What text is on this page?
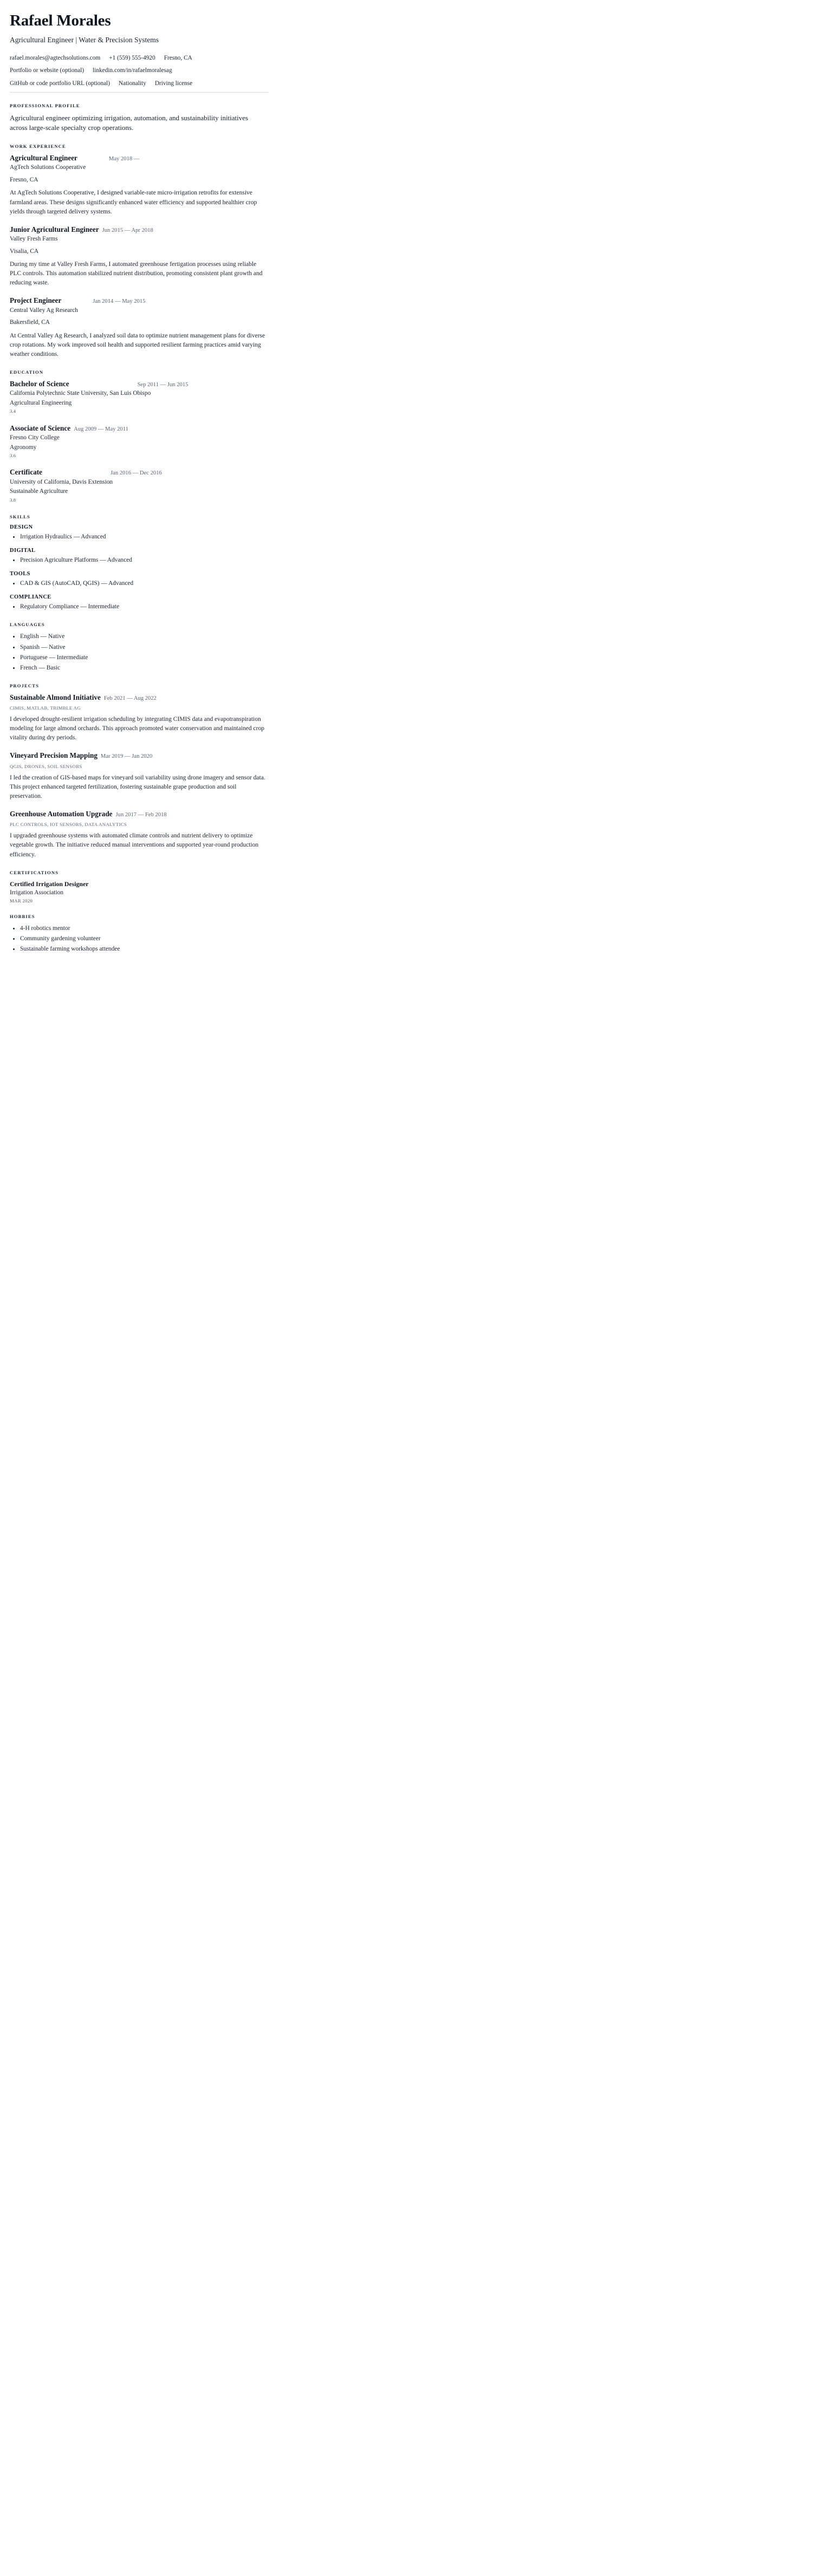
Rafael Morales
Agricultural Engineer | Water & Precision Systems
rafael.morales@agtechsolutions.com +1 (559) 555-4920 Fresno, CA
Portfolio or website (optional) linkedin.com/in/rafaelmoralesag
GitHub or code portfolio URL (optional) Nationality Driving license
PROFESSIONAL PROFILE

Agricultural engineer optimizing irrigation, automation, and sustainability initiatives across large-scale specialty crop operations.

WORK EXPERIENCE
Agricultural Engineer	May 2018 —
AgTech Solutions Cooperative
Fresno, CA

At AgTech Solutions Cooperative, I designed variable-rate micro-irrigation retrofits for extensive farmland areas. These designs significantly enhanced water efficiency and supported healthier crop yields through targeted delivery systems.

Junior Agricultural Engineer Jun 2015 — Apr 2018
Valley Fresh Farms
Visalia, CA

During my time at Valley Fresh Farms, I automated greenhouse fertigation processes using reliable PLC controls. This automation stabilized nutrient distribution, promoting consistent plant growth and reducing waste.

Project Engineer	Jan 2014 — May 2015
Central Valley Ag Research
Bakersfield, CA

At Central Valley Ag Research, I analyzed soil data to optimize nutrient management plans for diverse crop rotations. My work improved soil health and supported resilient farming practices amid varying weather conditions.

EDUCATION
Bachelor of Science	Sep 2011 — Jun 2015
California Polytechnic State University, San Luis Obispo
Agricultural Engineering
3.4
Associate of Science Aug 2009 — May 2011
Fresno City College
Agronomy
3.6
Certificate	Jan 2016 — Dec 2016
University of California, Davis Extension
Sustainable Agriculture
3.8
SKILLS
DESIGN
Irrigation Hydraulics — Advanced
DIGITAL
Precision Agriculture Platforms — Advanced
TOOLS
CAD & GIS (AutoCAD, QGIS) — Advanced
COMPLIANCE
Regulatory Compliance — Intermediate
LANGUAGES
English — Native
Spanish — Native
Portuguese — Intermediate
French — Basic
PROJECTS
Sustainable Almond Initiative Feb 2021 — Aug 2022
CIMIS, MATLAB, TRIMBLE AG

I developed drought-resilient irrigation scheduling by integrating CIMIS data and evapotranspiration modeling for large almond orchards. This approach promoted water conservation and maintained crop vitality during dry periods.

Vineyard Precision Mapping Mar 2019 — Jan 2020
QGIS, DRONES, SOIL SENSORS

I led the creation of GIS-based maps for vineyard soil variability using drone imagery and sensor data. This project enhanced targeted fertilization, fostering sustainable grape production and soil preservation.

Greenhouse Automation Upgrade Jun 2017 — Feb 2018
PLC CONTROLS, IOT SENSORS, DATA ANALYTICS

I upgraded greenhouse systems with automated climate controls and nutrient delivery to optimize vegetable growth. The initiative reduced manual interventions and supported year-round production efficiency.

CERTIFICATIONS
Certified Irrigation Designer
Irrigation Association
MAR 2020
HOBBIES
4-H robotics mentor
Community gardening volunteer
Sustainable farming workshops attendee
